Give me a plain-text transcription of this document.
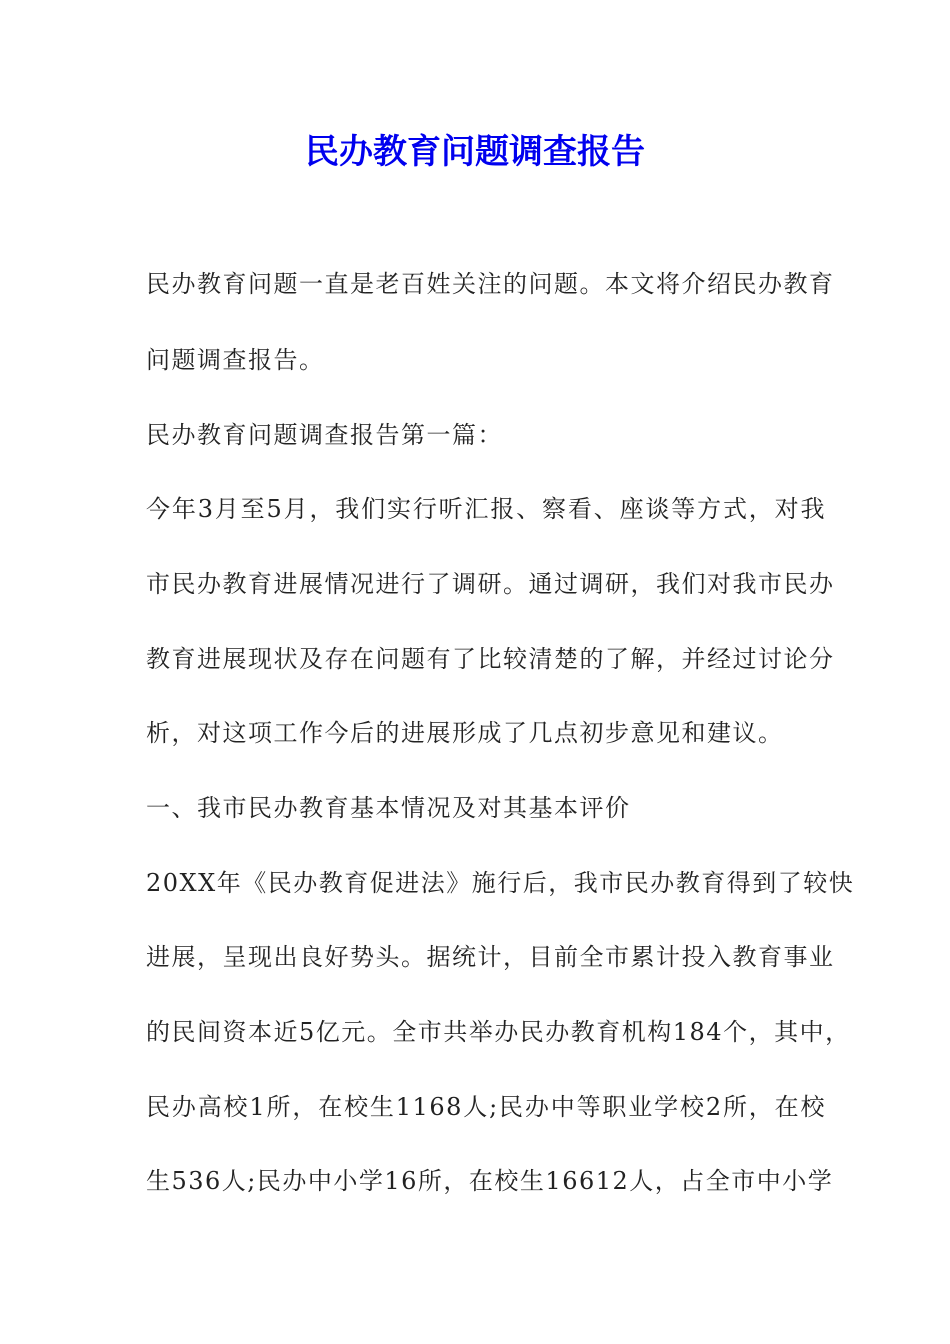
民办教育问题调查报告

民办教育问题一直是老百姓关注的问题。本文将介绍民办教育

问题调查报告。

民办教育问题调查报告第一篇：

今年3月至5月，我们实行听汇报、察看、座谈等方式，对我

市民办教育进展情况进行了调研。通过调研，我们对我市民办

教育进展现状及存在问题有了比较清楚的了解，并经过讨论分

析，对这项工作今后的进展形成了几点初步意见和建议。

一、我市民办教育基本情况及对其基本评价

20XX年《民办教育促进法》施行后，我市民办教育得到了较快

进展，呈现出良好势头。据统计，目前全市累计投入教育事业

的民间资本近5亿元。全市共举办民办教育机构184个，其中，

民办高校1所，在校生1168人;民办中等职业学校2所，在校

生536人;民办中小学16所，在校生16612人，占全市中小学
